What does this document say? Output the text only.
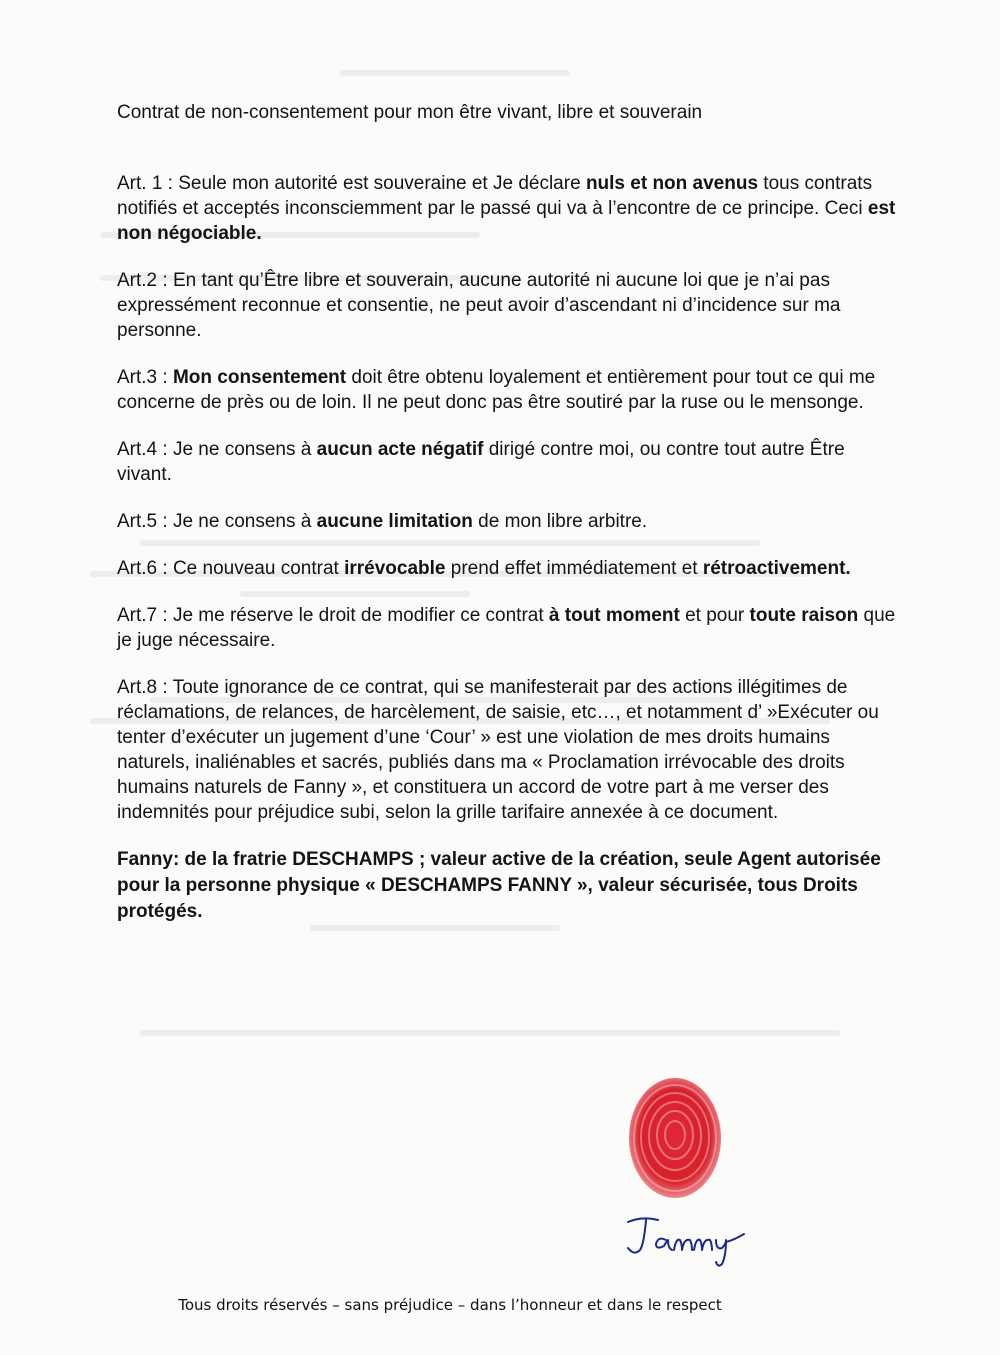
Contrat de non-consentement pour mon être vivant, libre et souverain

Art. 1 : Seule mon autorité est souveraine et Je déclare nuls et non avenus tous contrats notifiés et acceptés inconsciemment par le passé qui va à l’encontre de ce principe. Ceci est non négociable.

Art.2 : En tant qu’Être libre et souverain, aucune autorité ni aucune loi que je n’ai pas expressément reconnue et consentie, ne peut avoir d’ascendant ni d’incidence sur ma personne.

Art.3 : Mon consentement doit être obtenu loyalement et entièrement pour tout ce qui me concerne de près ou de loin. Il ne peut donc pas être soutiré par la ruse ou le mensonge.

Art.4 : Je ne consens à aucun acte négatif dirigé contre moi, ou contre tout autre Être vivant.

Art.5 : Je ne consens à aucune limitation de mon libre arbitre.

Art.6 : Ce nouveau contrat irrévocable prend effet immédiatement et rétroactivement.

Art.7 : Je me réserve le droit de modifier ce contrat à tout moment et pour toute raison que je juge nécessaire.

Art.8 : Toute ignorance de ce contrat, qui se manifesterait par des actions illégitimes de réclamations, de relances, de harcèlement, de saisie, etc…, et notamment d’ »Exécuter ou tenter d’exécuter un jugement d’une ‘Cour’ » est une violation de mes droits humains naturels, inaliénables et sacrés, publiés dans ma « Proclamation irrévocable des droits humains naturels de Fanny », et constituera un accord de votre part à me verser des indemnités pour préjudice subi, selon la grille tarifaire annexée à ce document.

Fanny: de la fratrie DESCHAMPS ; valeur active de la création, seule Agent autorisée pour la personne physique « DESCHAMPS FANNY », valeur sécurisée, tous Droits protégés.

Tous droits réservés – sans préjudice – dans l’honneur et dans le respect
